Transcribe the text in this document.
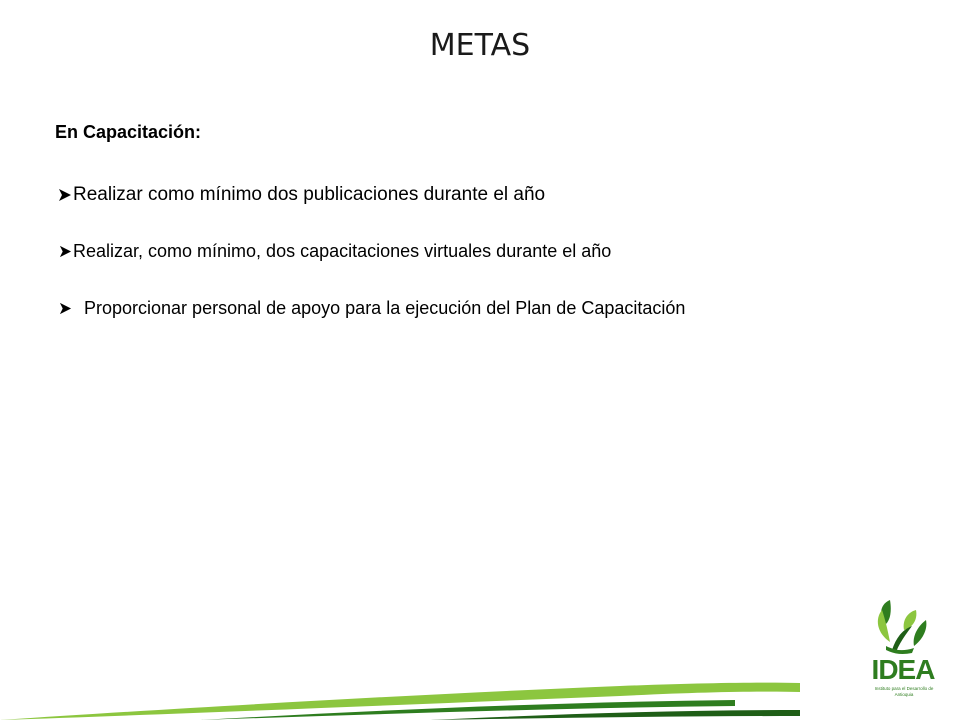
METAS
En Capacitación:
Realizar como mínimo dos publicaciones durante el año
Realizar, como mínimo, dos capacitaciones virtuales durante el año
Proporcionar personal de apoyo para la ejecución del Plan de Capacitación
IDEA
Instituto para el Desarrollo de Antioquia
